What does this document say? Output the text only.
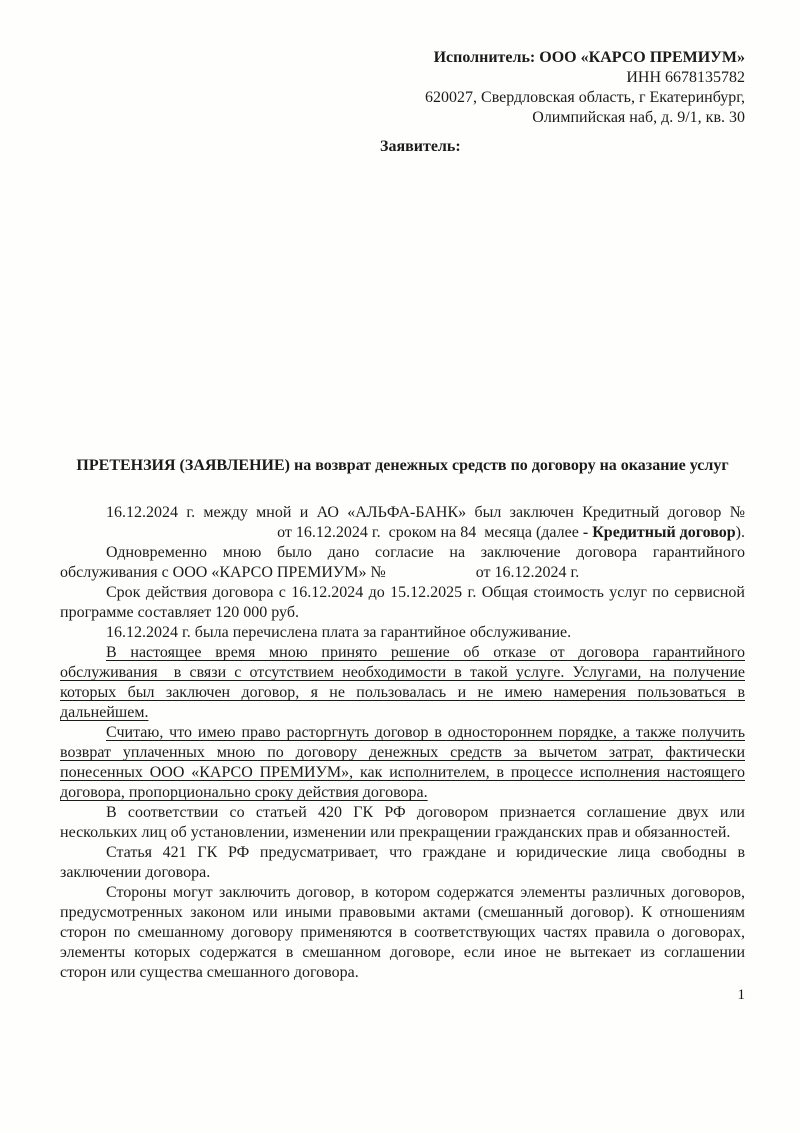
Исполнитель: ООО «КАРСО ПРЕМИУМ»
ИНН 6678135782
620027, Свердловская область, г Екатеринбург,
Олимпийская наб, д. 9/1, кв. 30
Заявитель:
ПРЕТЕНЗИЯ (ЗАЯВЛЕНИЕ) на возврат денежных средств по договору на оказание услуг

16.12.2024 г. между мной и АО «АЛЬФА-БАНК» был заключен Кредитный договор №
от 16.12.2024 г.  сроком на 84  месяца (далее - Кредитный договор).

Одновременно мною было дано согласие на заключение договора гарантийного
обслуживания с ООО «КАРСО ПРЕМИУМ» №	от 16.12.2024 г.

Срок действия договора с 16.12.2024 до 15.12.2025 г. Общая стоимость услуг по сервисной
программе составляет 120 000 руб.

16.12.2024 г. была перечислена плата за гарантийное обслуживание.

В настоящее время мною принято решение об отказе от договора гарантийного
обслуживания  в связи с отсутствием необходимости в такой услуге. Услугами, на получение
которых был заключен договор, я не пользовалась и не имею намерения пользоваться в
дальнейшем.

Считаю, что имею право расторгнуть договор в одностороннем порядке, а также получить
возврат уплаченных мною по договору денежных средств за вычетом затрат, фактически
понесенных ООО «КАРСО ПРЕМИУМ», как исполнителем, в процессе исполнения настоящего
договора, пропорционально сроку действия договора.

В соответствии со статьей 420 ГК РФ договором признается соглашение двух или
нескольких лиц об установлении, изменении или прекращении гражданских прав и обязанностей.

Статья 421 ГК РФ предусматривает, что граждане и юридические лица свободны в
заключении договора.

Стороны могут заключить договор, в котором содержатся элементы различных договоров,
предусмотренных законом или иными правовыми актами (смешанный договор). К отношениям
сторон по смешанному договору применяются в соответствующих частях правила о договорах,
элементы которых содержатся в смешанном договоре, если иное не вытекает из соглашении
сторон или существа смешанного договора.

1
